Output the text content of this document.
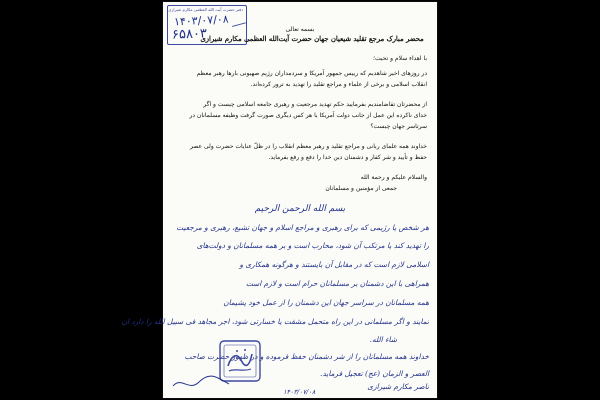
دفتر حضرت آیت الله العظمی مکارم شیرازی
۱۴۰۳/۰۷/۰۸
۶۵۸۰۳	بسمه تعالی
محضر مبارک مرجع تقلید شیعیان جهان حضرت آیت‌الله العظمی مکارم شیرازی
با اهداء سلام و تحیت؛
در روزهای اخیر شاهدیم که رییس جمهور آمریکا و سردمداران رژیم صهیونی بارها رهبر معظم
انقلاب اسلامی و برخی از علماء و مراجع تقلید را تهدید به ترور کرده‌اند.
از محضرتان تقاضامندیم بفرمایید حکم تهدید مرجعیت و رهبری جامعه اسلامی چیست و اگر
خدای ناکرده این عمل از جانب دولت آمریکا یا هر کس دیگری صورت گرفت وظیفه مسلمانان در
سرتاسر جهان چیست؟
خداوند همه علمای ربانی و مراجع تقلید و رهبر معظم انقلاب را در ظلّ عنایات حضرت ولی عصر
حفظ و تأیید و شر کفار و دشمنان دین خدا را دفع و رفع بفرماید.
والسلام علیکم و رحمة الله
جمعی از مؤمنین و مسلمانان
بسم الله الرحمن الرحیم
هر شخص یا رژیمی که برای رهبری و مراجع اسلام و جهان تشیع، رهبری و مرجعیت
را تهدید کند یا مرتکب آن شود، محارب است و بر همه مسلمانان و دولت‌های
اسلامی لازم است که در مقابل آن بایستند و هرگونه همکاری و
همراهی با این دشمنان بر مسلمانان حرام است و لازم است
همه مسلمانان در سراسر جهان این دشمنان را از عمل خود پشیمان
نمایند و اگر مسلمانی در این راه متحمل مشقت یا خسارتی شود، اجر مجاهد فی سبیل الله را دارد ان
شاء الله.
خداوند همه مسلمانان را از شر دشمنان حفظ فرموده و در ظهور حضرت صاحب
العصر و الزمان (عج) تعجیل فرماید.
ناصر مکارم شیرازی
۱۴۰۳/۰۷/۰۸
